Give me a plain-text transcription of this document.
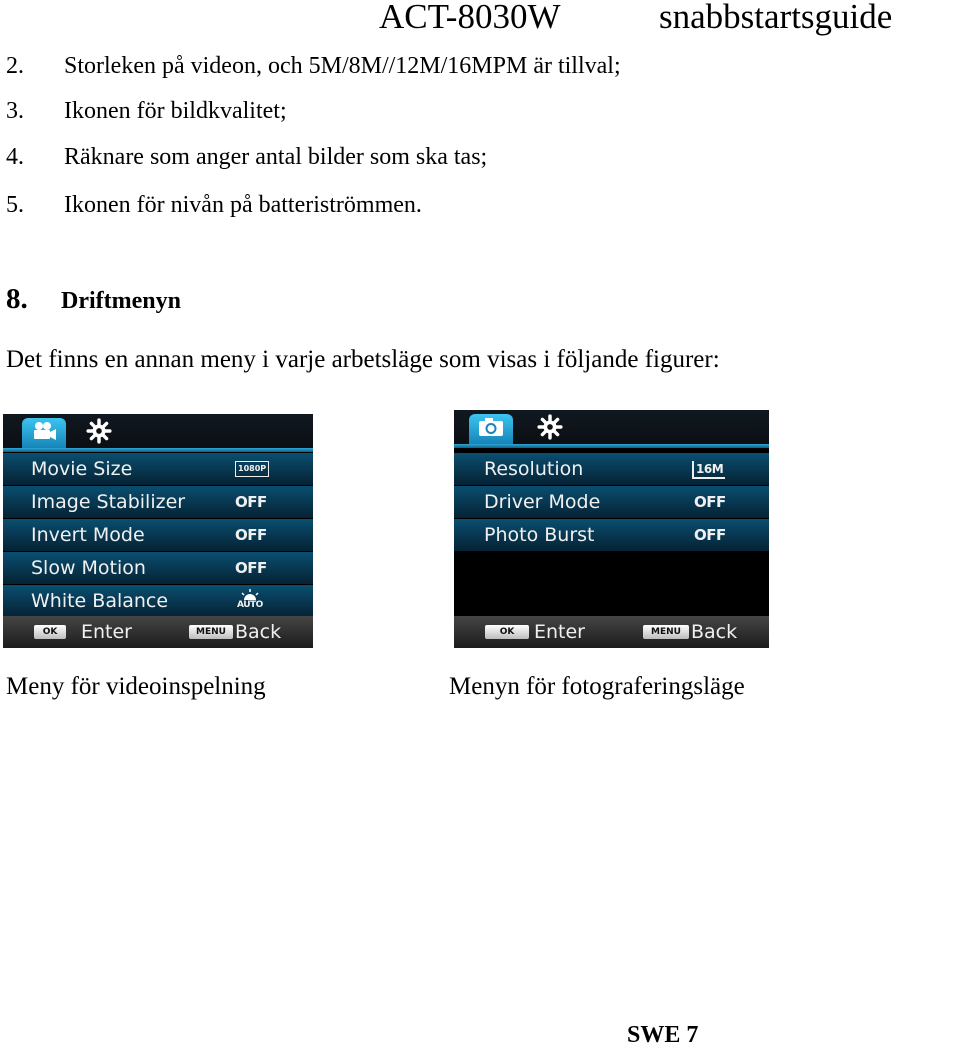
ACT-8030W	snabbstartsguide
2. Storleken på videon, och 5M/8M//12M/16MPM är tillval;
3. Ikonen för bildkvalitet;
4. Räknare som anger antal bilder som ska tas;
5. Ikonen för nivån på batteriströmmen.
8. Driftmenyn
Det finns en annan meny i varje arbetsläge som visas i följande figurer:
Movie Size	1080P
Image Stabilizer	OFF
Invert Mode	OFF
Slow Motion	OFF
White Balance	AUTO
OK	Enter	MENU Back
Resolution	16M
Driver Mode	OFF
Photo Burst	OFF
OK	Enter	MENU Back
Meny för videoinspelning	Menyn för fotograferingsläge
SWE 7
